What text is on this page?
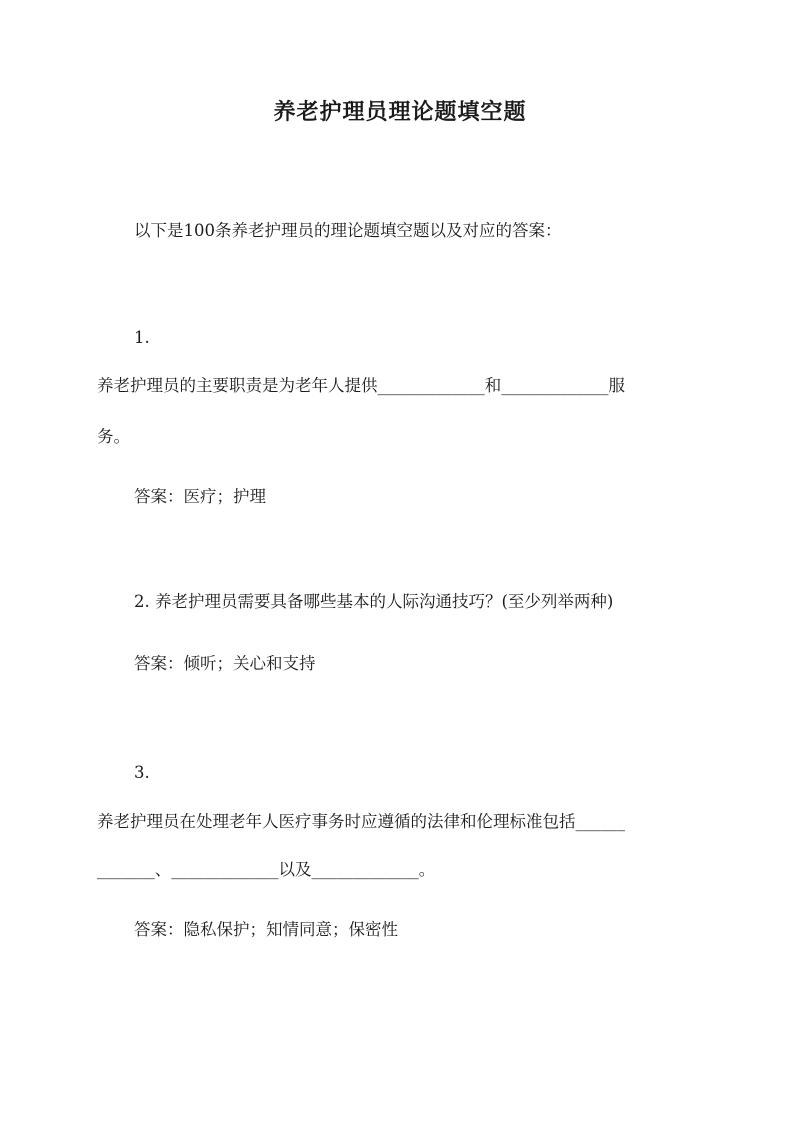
养老护理员理论题填空题
以下是100条养老护理员的理论题填空题以及对应的答案：
1.
养老护理员的主要职责是为老年人提供_____________和_____________服
务。
答案：医疗；护理
2. 养老护理员需要具备哪些基本的人际沟通技巧？(至少列举两种)
答案：倾听；关心和支持
3.
养老护理员在处理老年人医疗事务时应遵循的法律和伦理标准包括______
_______、_____________以及_____________。
答案：隐私保护；知情同意；保密性
